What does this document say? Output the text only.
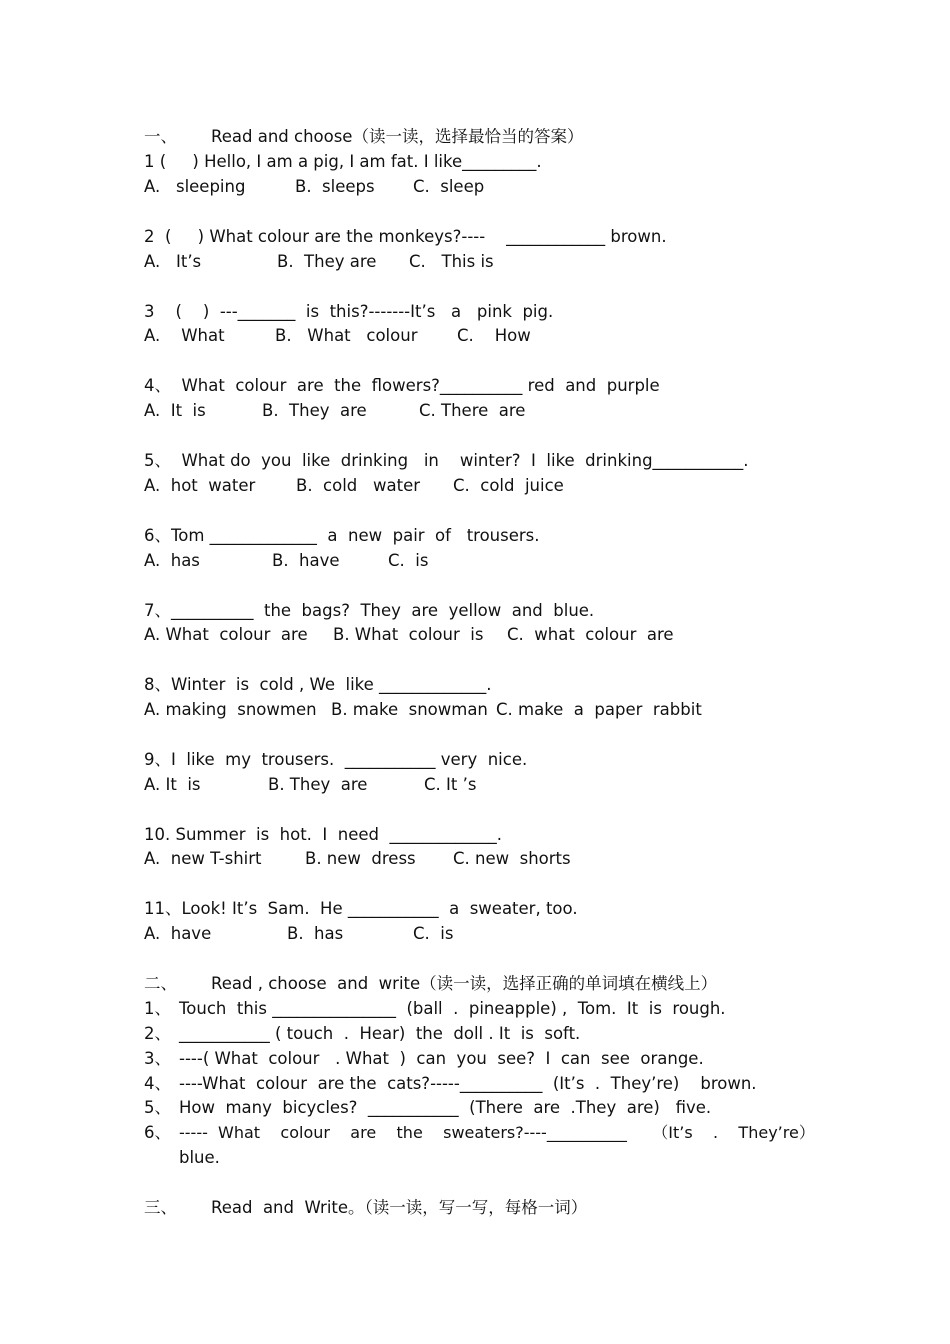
一、

Read and choose（读一读，选择最恰当的答案）

1 (     ) Hello, I am a pig, I am fat. I like_________.
A.   sleeping	B.  sleeps C.  sleep
2  (     ) What colour are the monkeys?----    ____________ brown.
A.   It’s	B.  They are C.   This is
3    (    )  ---_______  is  this?-------It’s   a   pink  pig.
A.    What	B.   What   colour C.    How
4、  What  colour  are  the  flowers?__________ red  and  purple
A.  It  is	B.  They  are	C. There  are
5、  What do  you  like  drinking   in    winter?  I  like  drinking___________.
A.  hot  water B.  cold   water C.  cold  juice
6、Tom _____________  a  new  pair  of   trousers.
A.  has	B.  have	C.  is
7、__________  the  bags?  They  are  yellow  and  blue.
A. What  colour  are B. What  colour  is C.  what  colour  are
8、Winter  is  cold , We  like _____________.
A. making  snowmen B. make  snowman C. make  a  paper  rabbit
9、I  like  my  trousers.  ___________ very  nice.
A. It  is	B. They  are	C. It ’s
10. Summer  is  hot.  I  need  _____________.
A.  new T-shirt	B. new  dress C. new  shorts
11、Look! It’s  Sam.  He ___________  a  sweater, too.
A.  have	B.  has	C.  is

二、

Read , choose  and  write（读一读，选择正确的单词填在横线上）

1、 Touch  this _______________  (ball  .  pineapple) ,  Tom.  It  is  rough.
2、 ___________ ( touch  .  Hear)  the  doll . It  is  soft.
3、 ----( What  colour   . What  )  can  you  see?  I  can  see  orange.
4、 ----What  colour  are the  cats?-----__________  (It’s  .  They’re)    brown.
5、 How  many  bicycles?  ___________  (There  are  .They  are)   five.
6、 -----  What    colour    are    the    sweaters?----__________     （It’s    .    They’re）
blue.

三、

Read  and  Write。（读一读，写一写，每格一词）
